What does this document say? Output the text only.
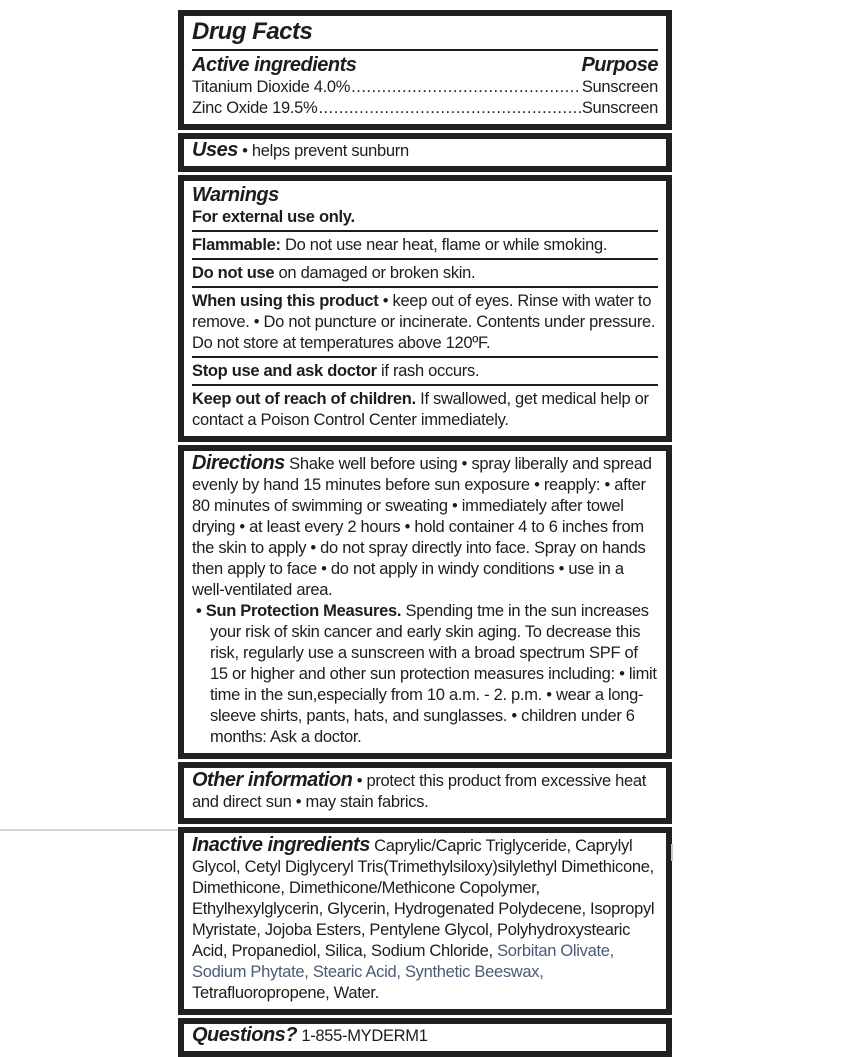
Drug Facts
Active ingredients	Purpose
Titanium Dioxide 4.0% .....	Sunscreen
Zinc Oxide 19.5% .....	Sunscreen

Uses • helps prevent sunburn

Warnings

For external use only.

Flammable: Do not use near heat, flame or while smoking.

Do not use on damaged or broken skin.

When using this product • keep out of eyes. Rinse with water to remove. • Do not puncture or incinerate. Contents under pressure. Do not store at temperatures above 120ºF.

Stop use and ask doctor if rash occurs.

Keep out of reach of children. If swallowed, get medical help or contact a Poison Control Center immediately.

Directions Shake well before using • spray liberally and spread evenly by hand 15 minutes before sun exposure • reapply: • after 80 minutes of swimming or sweating • immediately after towel drying • at least every 2 hours • hold container 4 to 6 inches from the skin to apply • do not spray directly into face. Spray on hands then apply to face • do not apply in windy conditions • use in a well-ventilated area.

• Sun Protection Measures. Spending tme in the sun increases your risk of skin cancer and early skin aging. To decrease this risk, regularly use a sunscreen with a broad spectrum SPF of 15 or higher and other sun protection measures including: • limit time in the sun,especially from 10 a.m. - 2. p.m. • wear a long-sleeve shirts, pants, hats, and sunglasses. • children under 6 months: Ask a doctor.

Other information • protect this product from excessive heat and direct sun • may stain fabrics.

Inactive ingredients Caprylic/Capric Triglyceride, Caprylyl Glycol, Cetyl Diglyceryl Tris(Trimethylsiloxy)silylethyl Dimethicone, Dimethicone, Dimethicone/Methicone Copolymer, Ethylhexylglycerin, Glycerin, Hydrogenated Polydecene, Isopropyl Myristate, Jojoba Esters, Pentylene Glycol, Polyhydroxystearic Acid, Propanediol, Silica, Sodium Chloride, Sorbitan Olivate, Sodium Phytate, Stearic Acid, Synthetic Beeswax, Tetrafluoropropene, Water.

Questions? 1-855-MYDERM1
